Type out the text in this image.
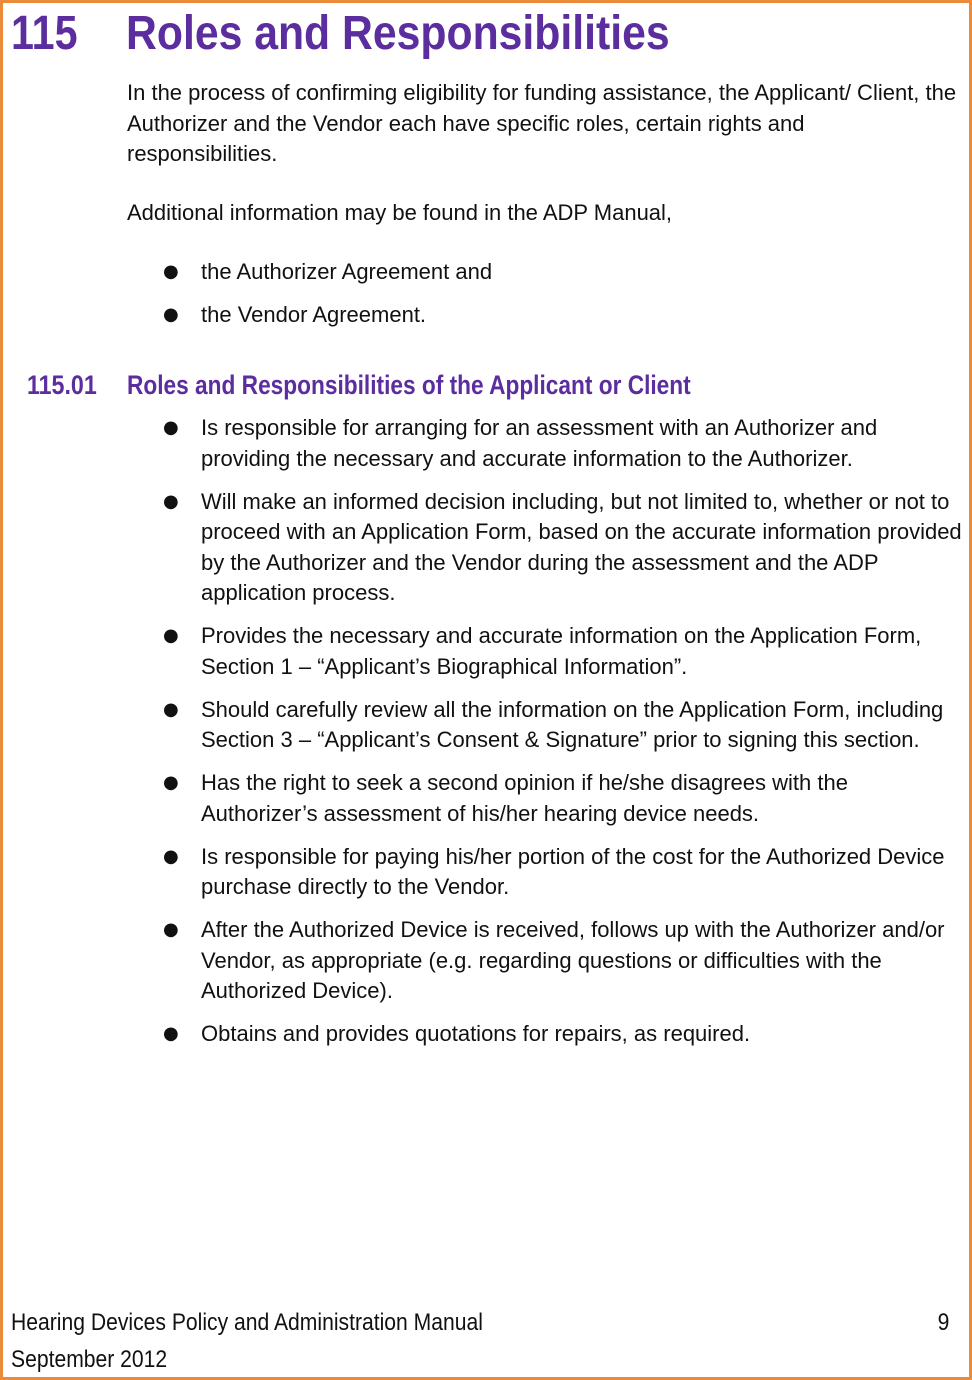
115 Roles and Responsibilities

In the process of confirming eligibility for funding assistance, the Applicant/ Client, the Authorizer and the Vendor each have specific roles, certain rights and responsibilities.

Additional information may be found in the ADP Manual,

● the Authorizer Agreement and
● the Vendor Agreement.
115.01 Roles and Responsibilities of the Applicant or Client
● Is responsible for arranging for an assessment with an Authorizer and providing the necessary and accurate information to the Authorizer.
● Will make an informed decision including, but not limited to, whether or not to proceed with an Application Form, based on the accurate information provided by the Authorizer and the Vendor during the assessment and the ADP application process.
● Provides the necessary and accurate information on the Application Form, Section 1 – “Applicant’s Biographical Information”.
● Should carefully review all the information on the Application Form, including Section 3 – “Applicant’s Consent & Signature” prior to signing this section.
● Has the right to seek a second opinion if he/she disagrees with the Authorizer’s assessment of his/her hearing device needs.
● Is responsible for paying his/her portion of the cost for the Authorized Device purchase directly to the Vendor.
● After the Authorized Device is received, follows up with the Authorizer and/or Vendor, as appropriate (e.g. regarding questions or difficulties with the Authorized Device).
● Obtains and provides quotations for repairs, as required.
Hearing Devices Policy and Administration Manual	9
September 2012
